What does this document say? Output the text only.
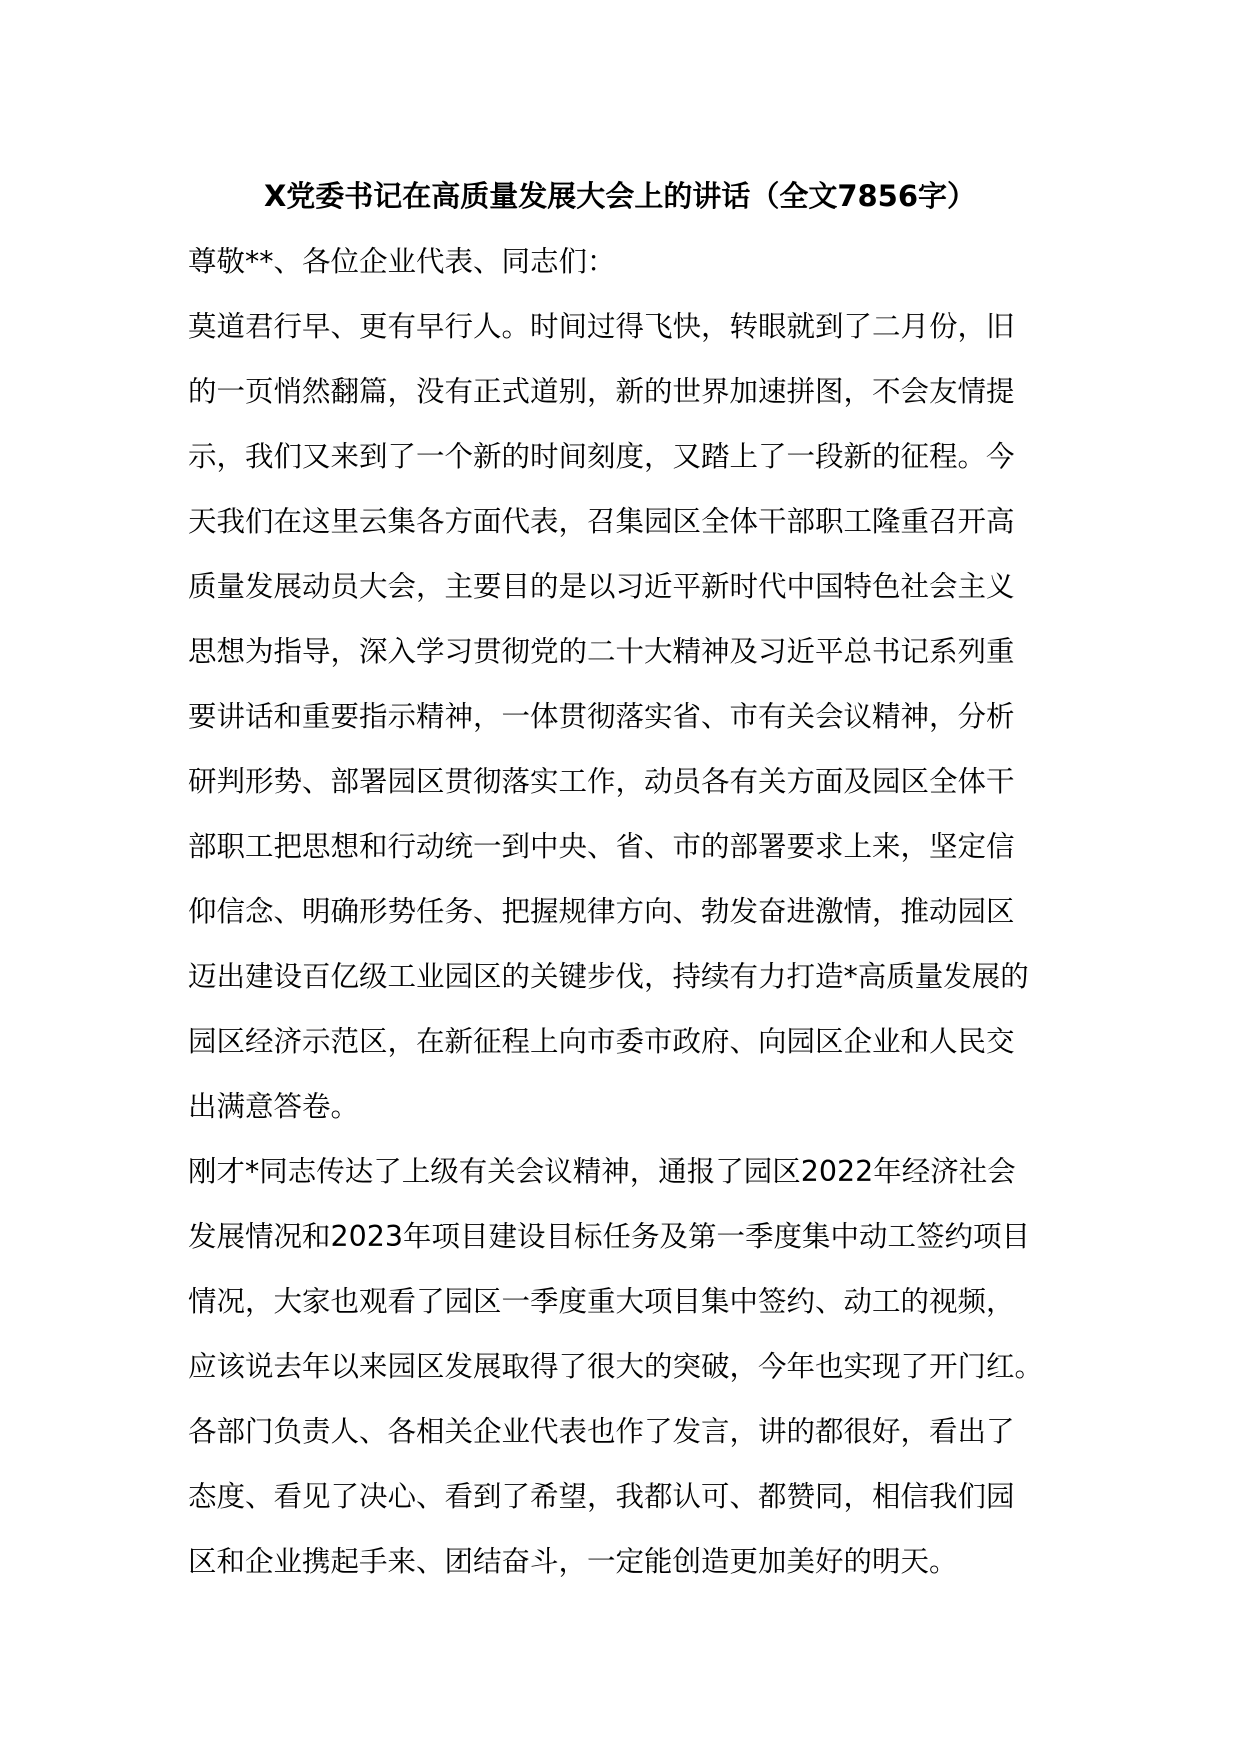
X党委书记在高质量发展大会上的讲话（全文7856字）
尊敬**、各位企业代表、同志们：
莫道君行早、更有早行人。时间过得飞快，转眼就到了二月份，旧
的一页悄然翻篇，没有正式道别，新的世界加速拼图，不会友情提
示，我们又来到了一个新的时间刻度，又踏上了一段新的征程。今
天我们在这里云集各方面代表，召集园区全体干部职工隆重召开高
质量发展动员大会，主要目的是以习近平新时代中国特色社会主义
思想为指导，深入学习贯彻党的二十大精神及习近平总书记系列重
要讲话和重要指示精神，一体贯彻落实省、市有关会议精神，分析
研判形势、部署园区贯彻落实工作，动员各有关方面及园区全体干
部职工把思想和行动统一到中央、省、市的部署要求上来，坚定信
仰信念、明确形势任务、把握规律方向、勃发奋进激情，推动园区
迈出建设百亿级工业园区的关键步伐，持续有力打造*高质量发展的
园区经济示范区，在新征程上向市委市政府、向园区企业和人民交
出满意答卷。
刚才*同志传达了上级有关会议精神，通报了园区2022年经济社会
发展情况和2023年项目建设目标任务及第一季度集中动工签约项目
情况，大家也观看了园区一季度重大项目集中签约、动工的视频，
应该说去年以来园区发展取得了很大的突破，今年也实现了开门红。
各部门负责人、各相关企业代表也作了发言，讲的都很好，看出了
态度、看见了决心、看到了希望，我都认可、都赞同，相信我们园
区和企业携起手来、团结奋斗，一定能创造更加美好的明天。
